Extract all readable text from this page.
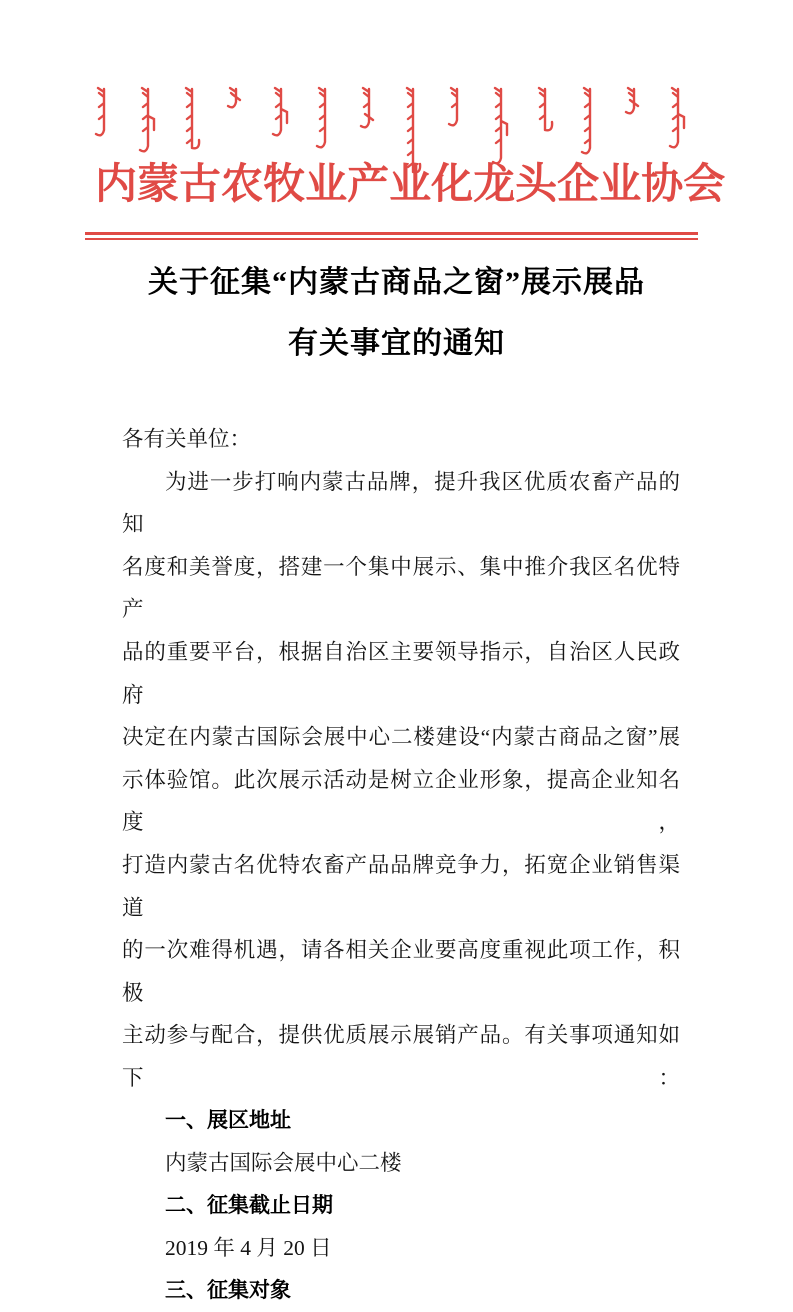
内 蒙 古 农 牧 业 产 业 化 龙 头 企 业 协 会
关于征集“内蒙古商品之窗”展示展品
有关事宜的通知
各有关单位：
为进一步打响内蒙古品牌，提升我区优质农畜产品的知
名度和美誉度，搭建一个集中展示、集中推介我区名优特产
品的重要平台，根据自治区主要领导指示，自治区人民政府
决定在内蒙古国际会展中心二楼建设“内蒙古商品之窗”展
示体验馆。此次展示活动是树立企业形象，提高企业知名度，
打造内蒙古名优特农畜产品品牌竞争力，拓宽企业销售渠道
的一次难得机遇，请各相关企业要高度重视此项工作，积极
主动参与配合，提供优质展示展销产品。有关事项通知如下：
一、展区地址
内蒙古国际会展中心二楼
二、征集截止日期
2019 年 4 月 20 日
三、征集对象
